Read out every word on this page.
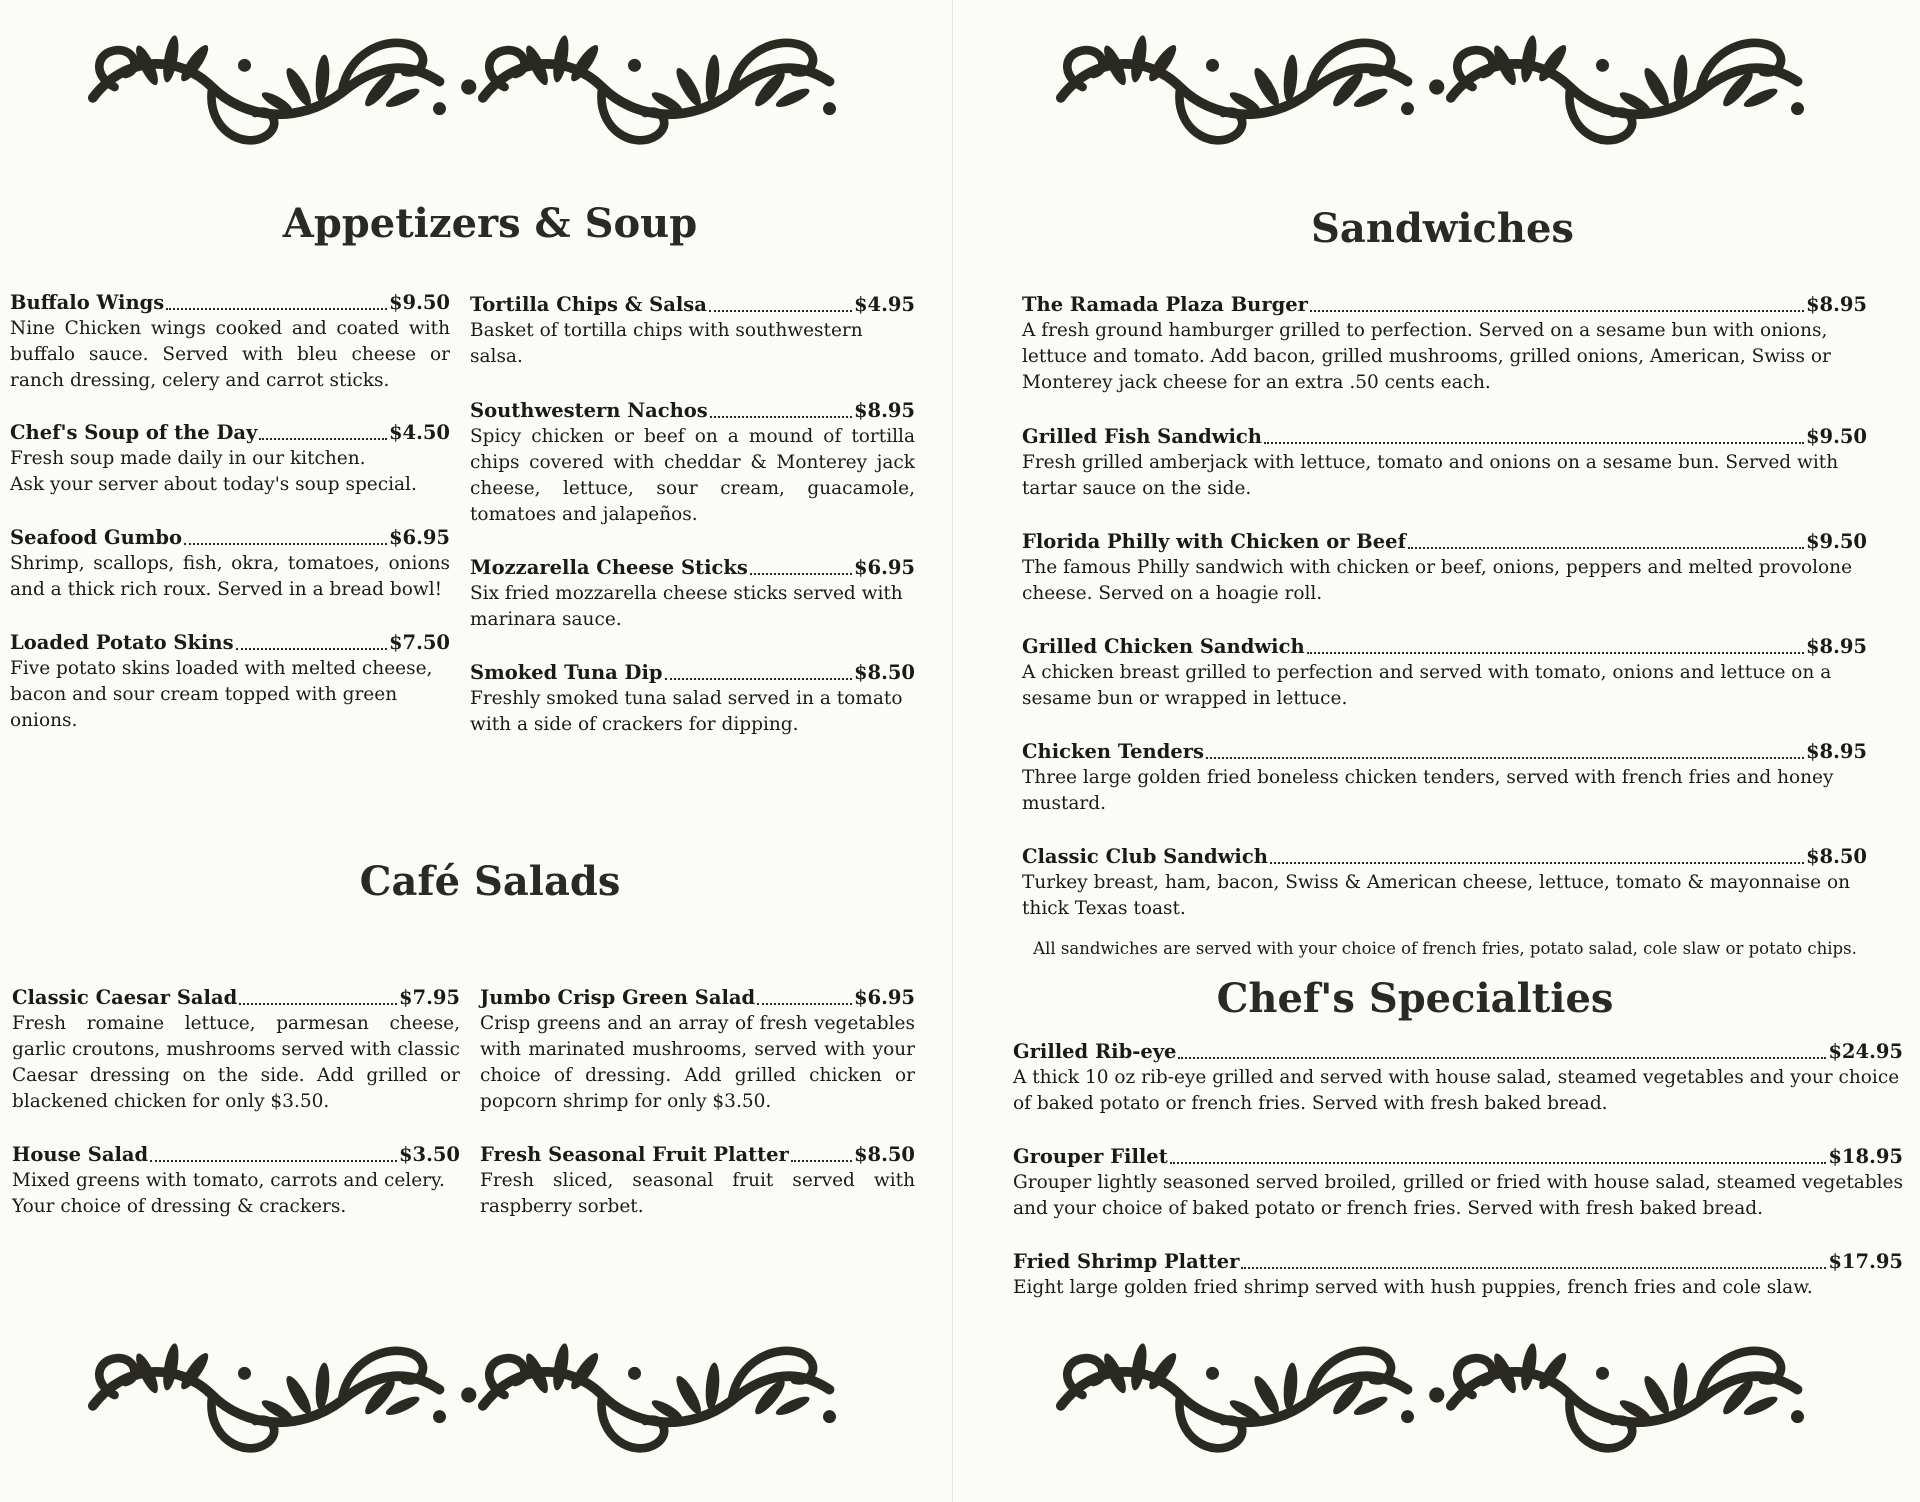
Appetizers & Soup
Buffalo Wings	$9.50

Nine Chicken wings cooked and coated with buffalo sauce. Served with bleu cheese or ranch dressing, celery and carrot sticks.

Chef's Soup of the Day	$4.50

Fresh soup made daily in our kitchen.

Ask your server about today's soup special.

Seafood Gumbo	$6.95

Shrimp, scallops, fish, okra, tomatoes, onions and a thick rich roux. Served in a bread bowl!

Loaded Potato Skins	$7.50

Five potato skins loaded with melted cheese, bacon and sour cream topped with green onions.

Tortilla Chips & Salsa	$4.95

Basket of tortilla chips with southwestern salsa.

Southwestern Nachos	$8.95

Spicy chicken or beef on a mound of tortilla chips covered with cheddar & Monterey jack cheese, lettuce, sour cream, guacamole, tomatoes and jalapeños.

Mozzarella Cheese Sticks	$6.95

Six fried mozzarella cheese sticks served with marinara sauce.

Smoked Tuna Dip	$8.50

Freshly smoked tuna salad served in a tomato with a side of crackers for dipping.

Café Salads
Classic Caesar Salad	$7.95

Fresh romaine lettuce, parmesan cheese, garlic croutons, mushrooms served with classic Caesar dressing on the side. Add grilled or blackened chicken for only $3.50.

House Salad	$3.50

Mixed greens with tomato, carrots and celery. Your choice of dressing & crackers.

Jumbo Crisp Green Salad	$6.95

Crisp greens and an array of fresh vegetables with marinated mushrooms, served with your choice of dressing. Add grilled chicken or popcorn shrimp for only $3.50.

Fresh Seasonal Fruit Platter	$8.50

Fresh sliced, seasonal fruit served with raspberry sorbet.

Sandwiches
The Ramada Plaza Burger	$8.95

A fresh ground hamburger grilled to perfection. Served on a sesame bun with onions, lettuce and tomato. Add bacon, grilled mushrooms, grilled onions, American, Swiss or Monterey jack cheese for an extra .50 cents each.

Grilled Fish Sandwich	$9.50

Fresh grilled amberjack with lettuce, tomato and onions on a sesame bun. Served with tartar sauce on the side.

Florida Philly with Chicken or Beef	$9.50

The famous Philly sandwich with chicken or beef, onions, peppers and melted provolone cheese. Served on a hoagie roll.

Grilled Chicken Sandwich	$8.95

A chicken breast grilled to perfection and served with tomato, onions and lettuce on a sesame bun or wrapped in lettuce.

Chicken Tenders	$8.95

Three large golden fried boneless chicken tenders, served with french fries and honey mustard.

Classic Club Sandwich	$8.50

Turkey breast, ham, bacon, Swiss & American cheese, lettuce, tomato & mayonnaise on thick Texas toast.

All sandwiches are served with your choice of french fries, potato salad, cole slaw or potato chips.
Chef's Specialties
Grilled Rib-eye	$24.95

A thick 10 oz rib-eye grilled and served with house salad, steamed vegetables and your choice of baked potato or french fries. Served with fresh baked bread.

Grouper Fillet	$18.95

Grouper lightly seasoned served broiled, grilled or fried with house salad, steamed vegetables and your choice of baked potato or french fries. Served with fresh baked bread.

Fried Shrimp Platter	$17.95

Eight large golden fried shrimp served with hush puppies, french fries and cole slaw.
